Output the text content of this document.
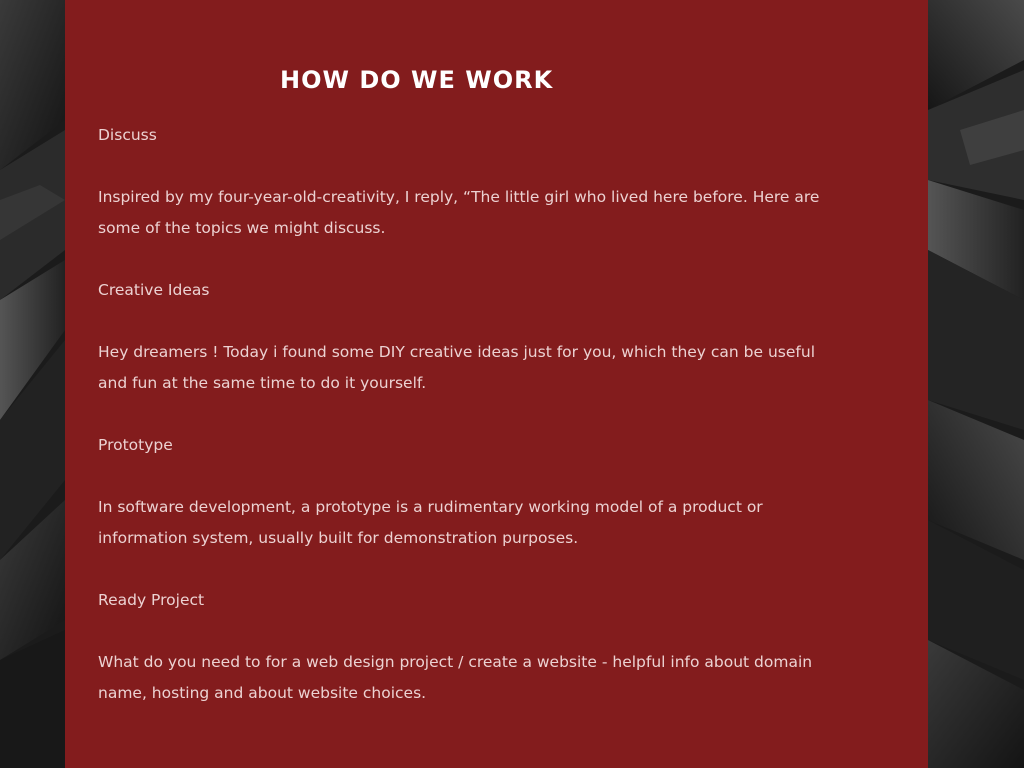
HOW DO WE WORK

Discuss

Inspired by my four-year-old-creativity, I reply, “The little girl who lived here before. Here are some of the topics we might discuss.

Creative Ideas

Hey dreamers ! Today i found some DIY creative ideas just for you, which they can be useful and fun at the same time to do it yourself.

Prototype

In software development, a prototype is a rudimentary working model of a product or information system, usually built for demonstration purposes.

Ready Project

What do you need to for a web design project / create a website - helpful info about domain name, hosting and about website choices.
